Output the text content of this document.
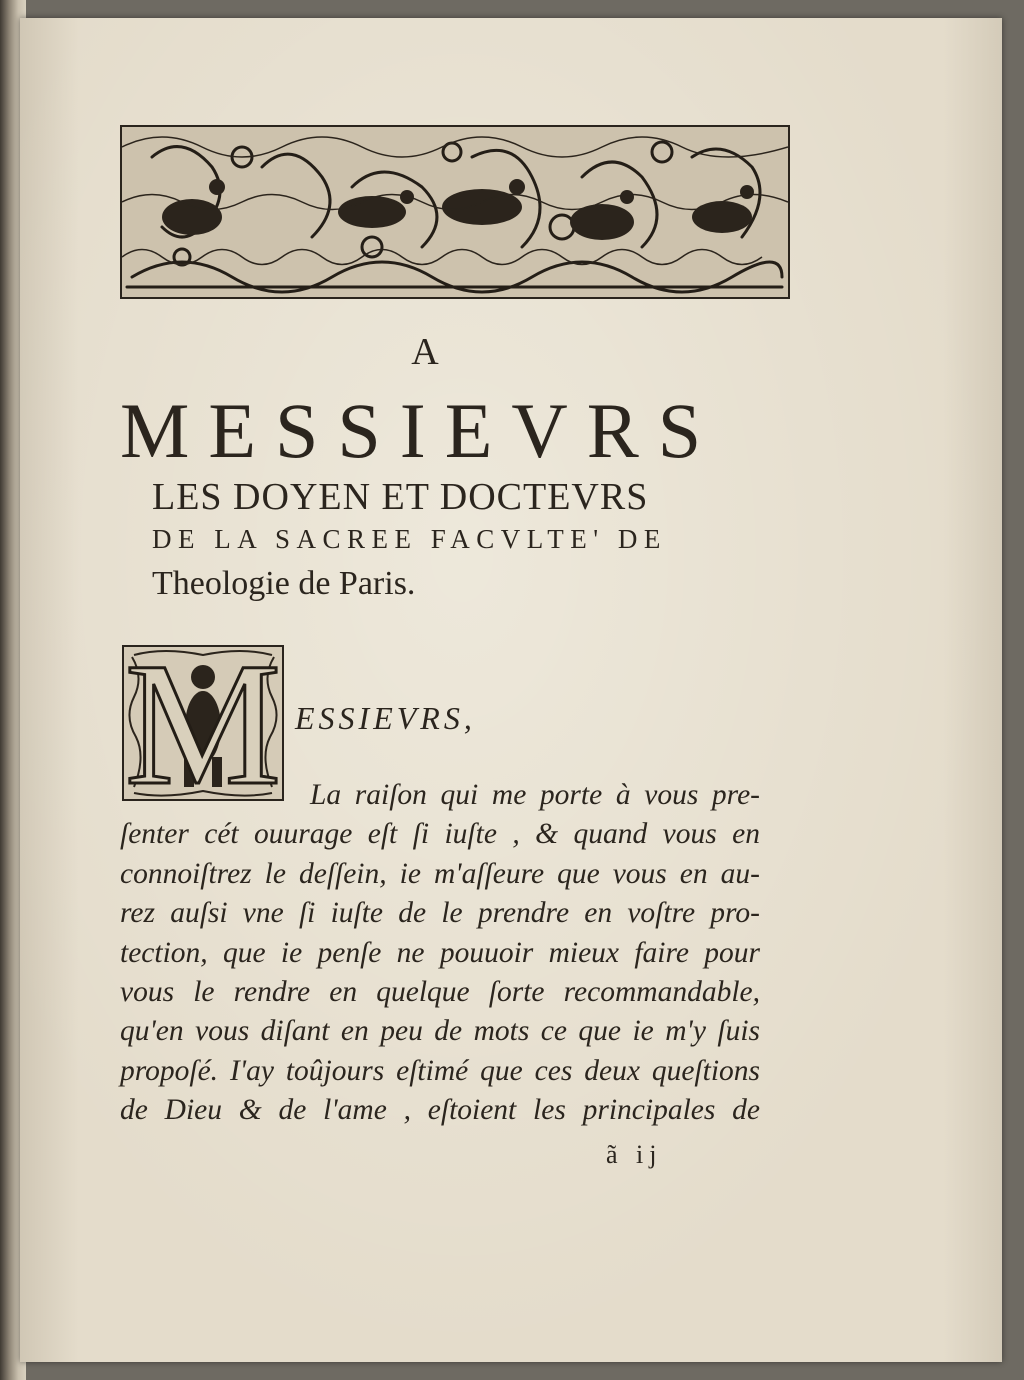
A
MESSIEVRS
LES DOYEN ET DOCTEVRS
DE LA SACREE FACVLTE' DE
Theologie de Paris.
M ESSIEVRS,
La raiſon qui me porte à vous pre-
ſenter cét ouurage eſt ſi iuſte , & quand vous en
connoiſtrez le deſſein, ie m'aſſeure que vous en au-
rez auſsi vne ſi iuſte de le prendre en voſtre pro-
tection, que ie penſe ne pouuoir mieux faire pour
vous le rendre en quelque ſorte recommandable,
qu'en vous diſant en peu de mots ce que ie m'y ſuis
propoſé. I'ay toûjours eſtimé que ces deux queſtions
de Dieu & de l'ame , eſtoient les principales de
ã ij
